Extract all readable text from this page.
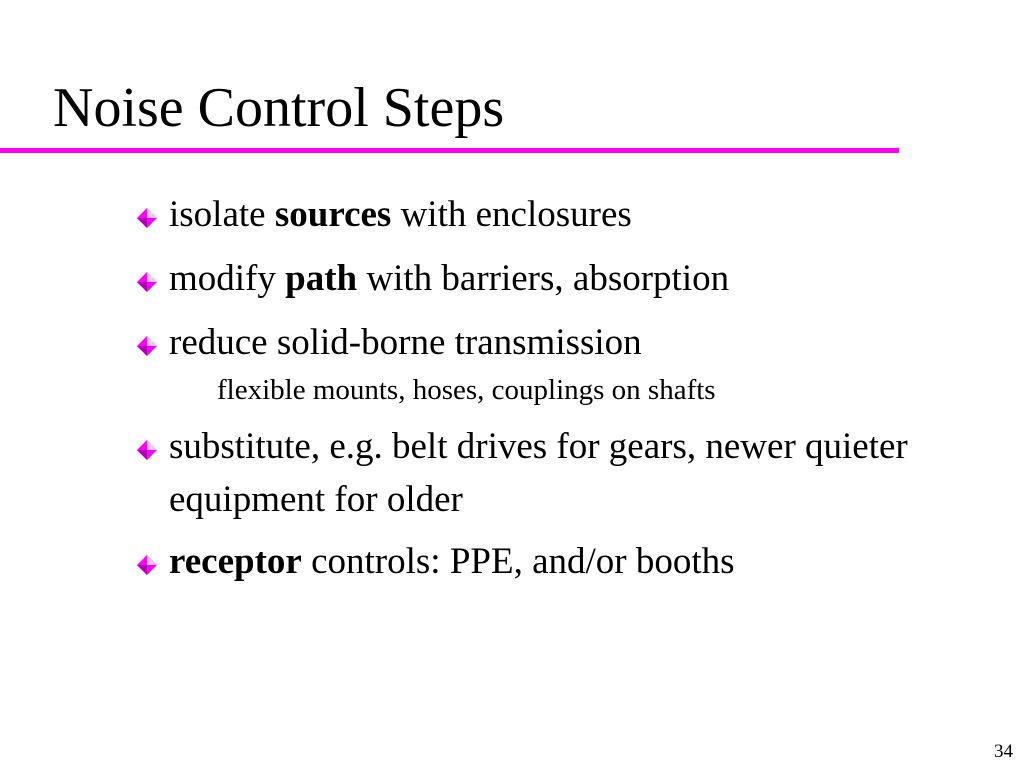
Noise Control Steps
isolate sources with enclosures
modify path with barriers, absorption
reduce solid-borne transmission
flexible mounts, hoses, couplings on shafts
substitute, e.g. belt drives for gears, newer quieter equipment for older
receptor controls: PPE, and/or booths
34
